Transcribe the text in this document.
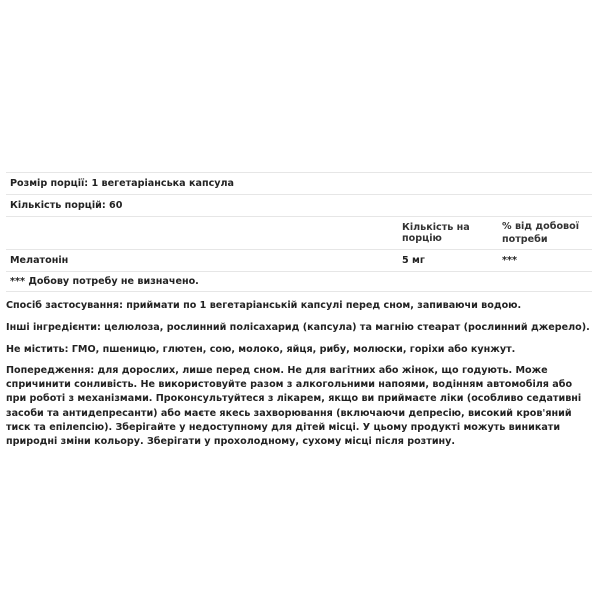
Розмір порції: 1 вегетаріанська капсула
Кількість порцій: 60
Кількість на порцію
% від добової потреби
Мелатонін	5 мг	***
*** Добову потребу не визначено.
Спосіб застосування: приймати по 1 вегетаріанській капсулі перед сном, запиваючи водою.
Інші інгредієнти: целюлоза, рослинний полісахарид (капсула) та магнію стеарат (рослинний джерело).
Не містить: ГМО, пшеницю, глютен, сою, молоко, яйця, рибу, молюски, горіхи або кунжут.
Попередження: для дорослих, лише перед сном. Не для вагітних або жінок, що годують. Може спричинити сонливість. Не використовуйте разом з алкогольними напоями, водінням автомобіля або при роботі з механізмами. Проконсультуйтеся з лікарем, якщо ви приймаєте ліки (особливо седативні засоби та антидепресанти) або маєте якесь захворювання (включаючи депресію, високий кров'яний тиск та епілепсію). Зберігайте у недоступному для дітей місці. У цьому продукті можуть виникати природні зміни кольору. Зберігати у прохолодному, сухому місці після розтину.
